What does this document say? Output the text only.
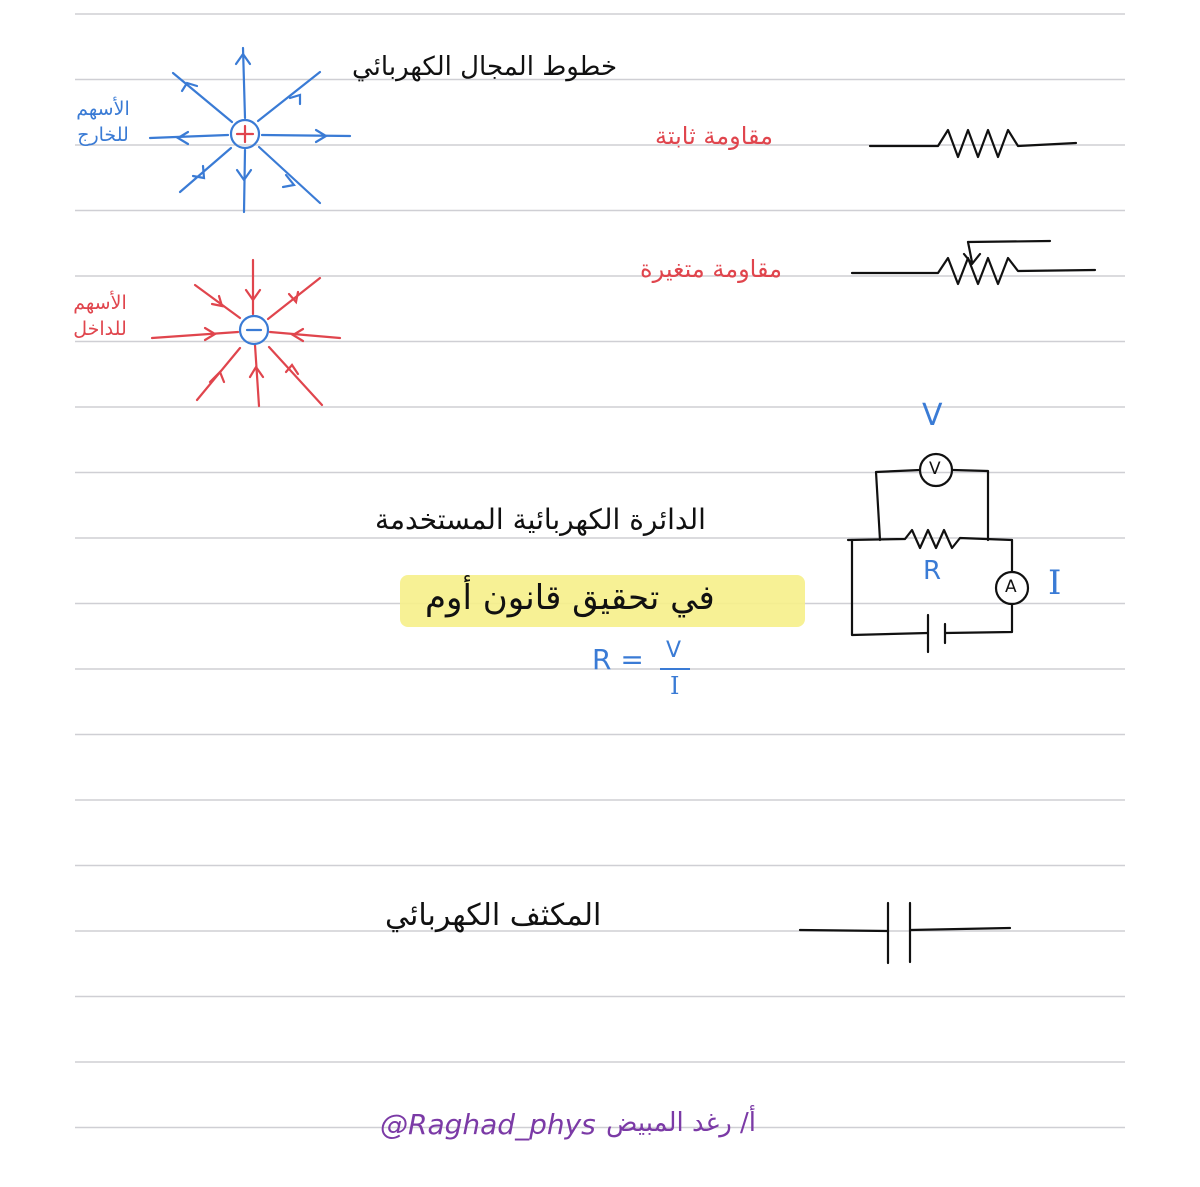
خطوط المجال الكهربائي
الأسهم
للخارج
الأسهم
للداخل
مقاومة ثابتة
مقاومة متغيرة
V
V
A
R	I
الدائرة الكهربائية المستخدمة
في تحقيق قانون أوم
R = V
I
المكثف الكهربائي
@Raghad_phys أ/ رغد المبيض
